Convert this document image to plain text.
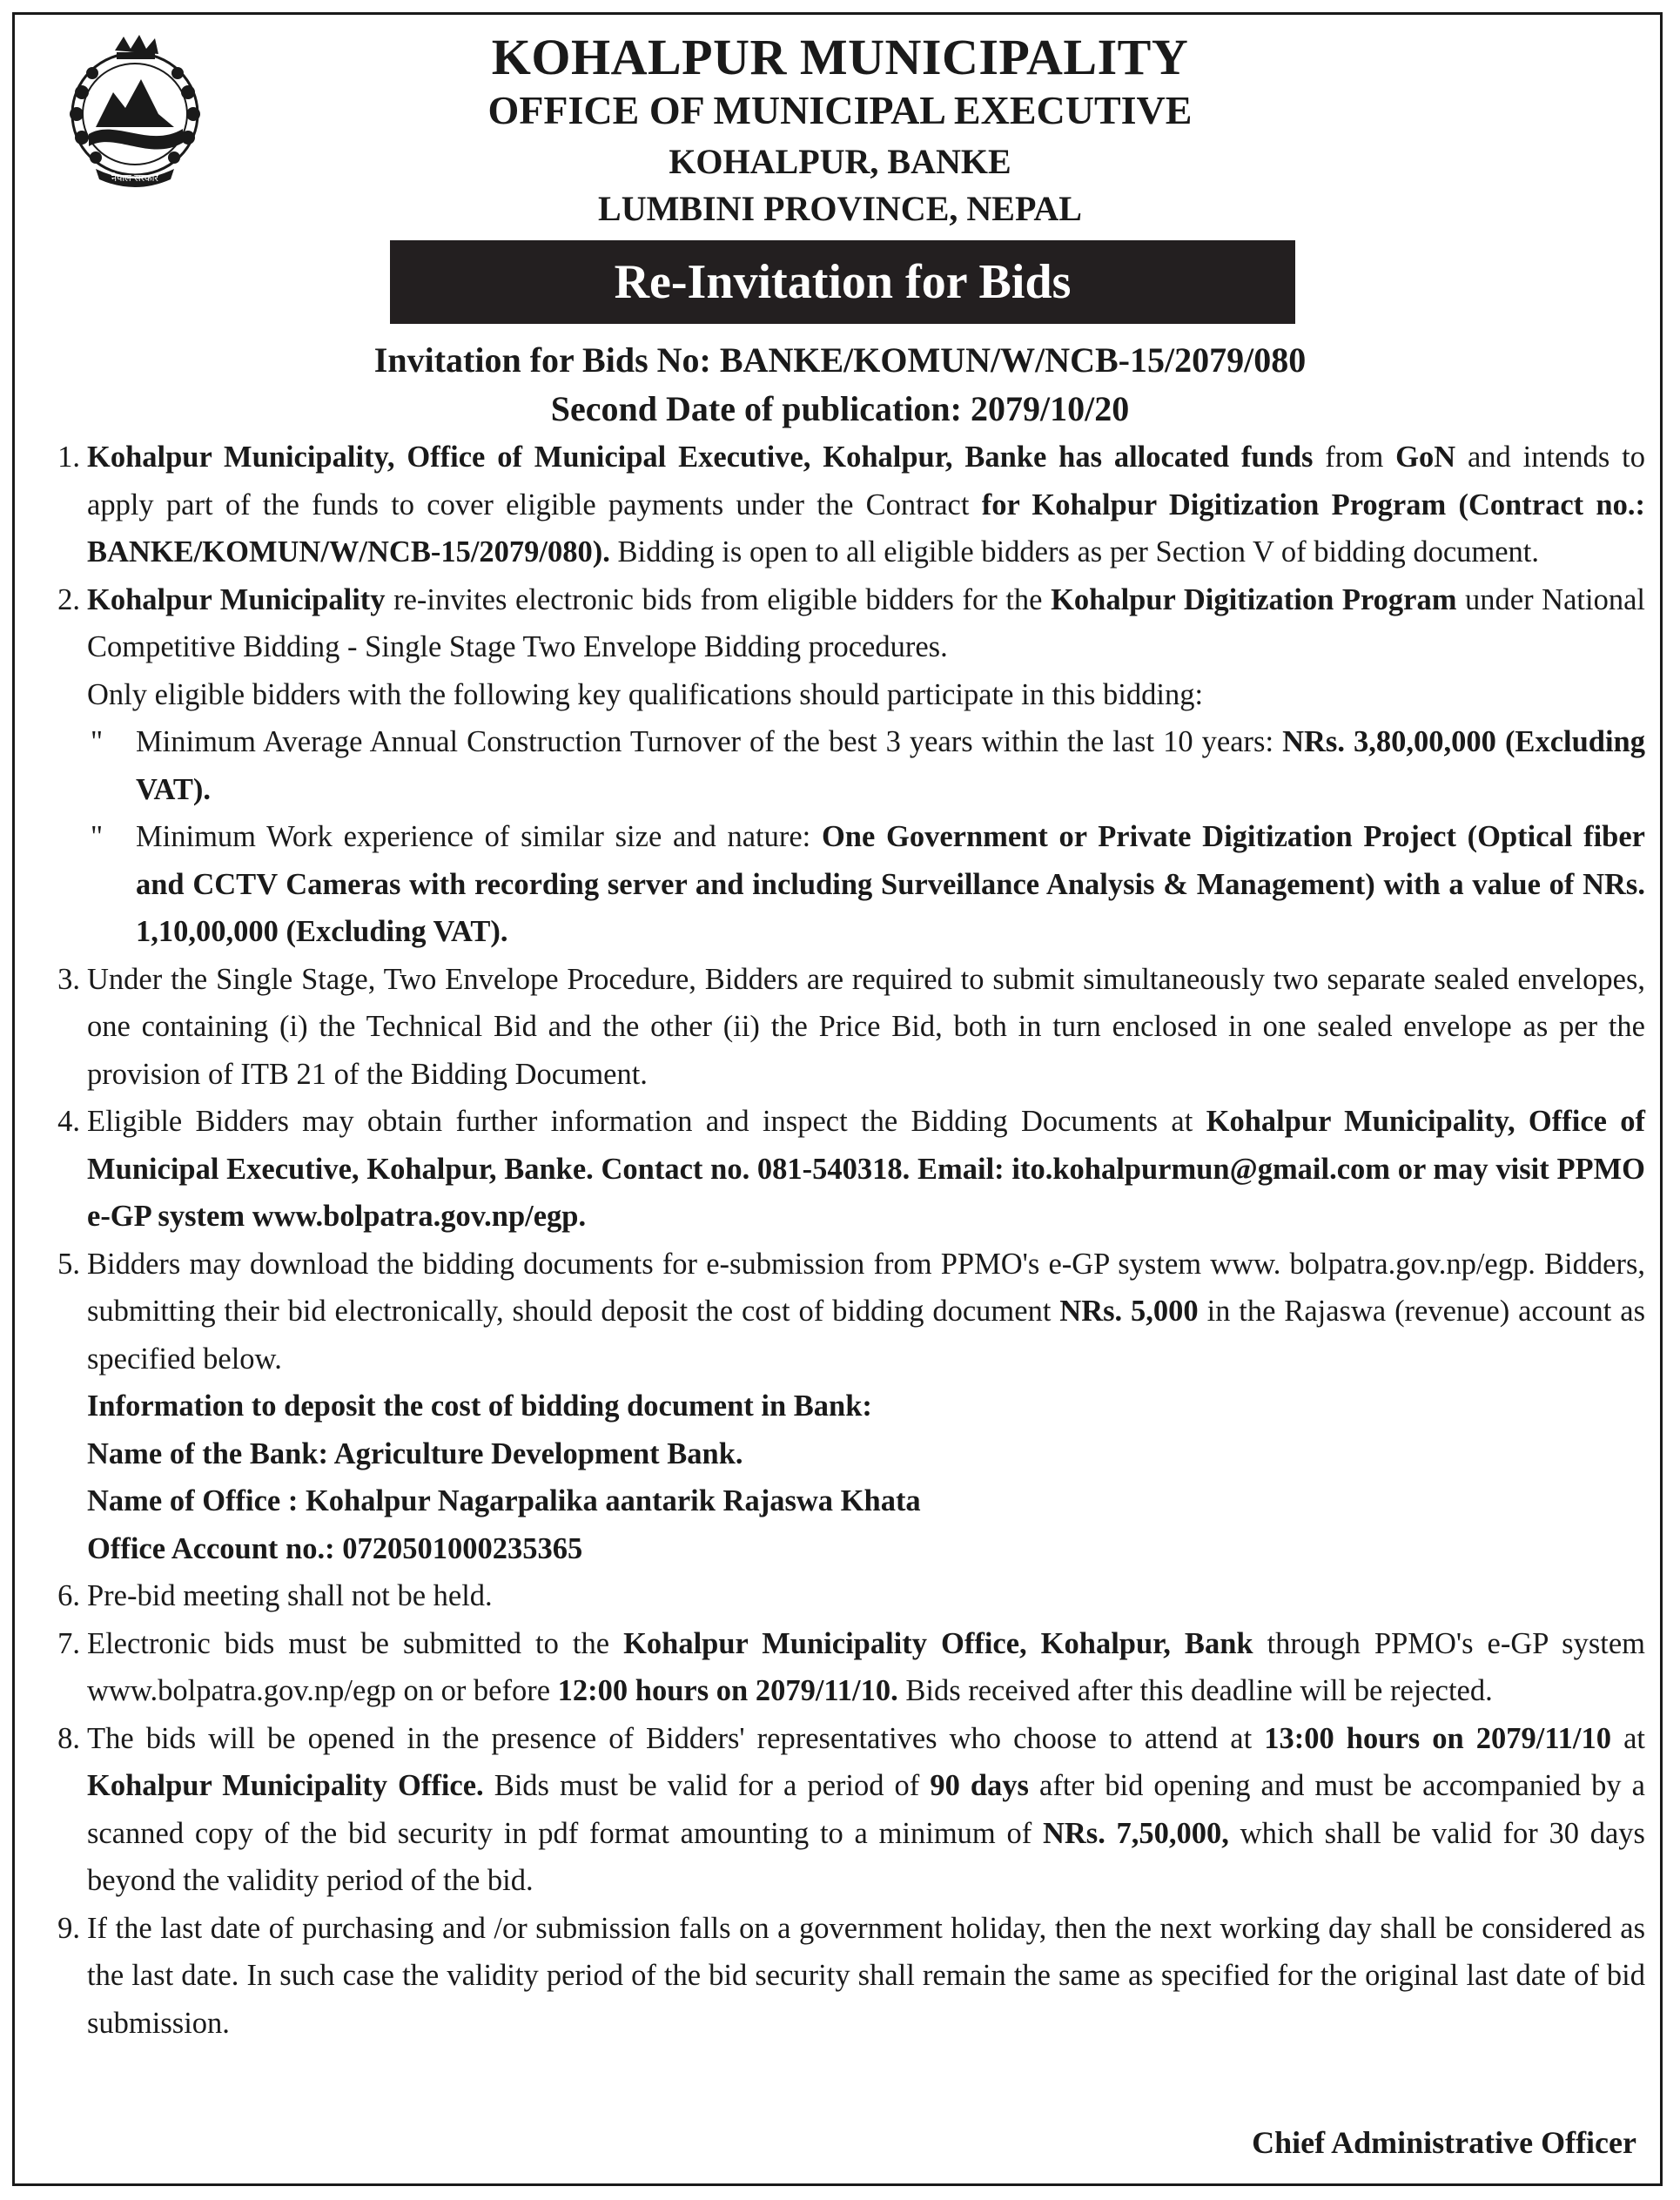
नेपाल सरकार
KOHALPUR MUNICIPALITY
OFFICE OF MUNICIPAL EXECUTIVE
KOHALPUR, BANKE
LUMBINI PROVINCE, NEPAL
Re-Invitation for Bids
Invitation for Bids No: BANKE/KOMUN/W/NCB-15/2079/080
Second Date of publication: 2079/10/20
1. Kohalpur Municipality, Office of Municipal Executive, Kohalpur, Banke has allocated funds from GoN and intends to apply part of the funds to cover eligible payments under the Contract for Kohalpur Digitization Program (Contract no.: BANKE/KOMUN/W/NCB-15/2079/080). Bidding is open to all eligible bidders as per Section V of bidding document.

2. Kohalpur Municipality re-invites electronic bids from eligible bidders for the Kohalpur Digitization Program under National Competitive Bidding - Single Stage Two Envelope Bidding procedures.

Only eligible bidders with the following key qualifications should participate in this bidding:

" Minimum Average Annual Construction Turnover of the best 3 years within the last 10 years: NRs. 3,80,00,000 (Excluding VAT).

" Minimum Work experience of similar size and nature: One Government or Private Digitization Project (Optical fiber and CCTV Cameras with recording server and including Surveillance Analysis & Management) with a value of NRs. 1,10,00,000 (Excluding VAT).

3. Under the Single Stage, Two Envelope Procedure, Bidders are required to submit simultaneously two separate sealed envelopes, one containing (i) the Technical Bid and the other (ii) the Price Bid, both in turn enclosed in one sealed envelope as per the provision of ITB 21 of the Bidding Document.

4. Eligible Bidders may obtain further information and inspect the Bidding Documents at Kohalpur Municipality, Office of Municipal Executive, Kohalpur, Banke. Contact no. 081-540318. Email: ito.kohalpurmun@gmail.com or may visit PPMO e-GP system www.bolpatra.gov.np/egp.

5. Bidders may download the bidding documents for e-submission from PPMO's e-GP system www. bolpatra.gov.np/egp. Bidders, submitting their bid electronically, should deposit the cost of bidding document NRs. 5,000 in the Rajaswa (revenue) account as specified below.

Information to deposit the cost of bidding document in Bank:

Name of the Bank: Agriculture Development Bank.

Name of Office : Kohalpur Nagarpalika aantarik Rajaswa Khata

Office Account no.: 0720501000235365

6. Pre-bid meeting shall not be held.

7. Electronic bids must be submitted to the Kohalpur Municipality Office, Kohalpur, Bank through PPMO's e-GP system www.bolpatra.gov.np/egp on or before 12:00 hours on 2079/11/10. Bids received after this deadline will be rejected.

8. The bids will be opened in the presence of Bidders' representatives who choose to attend at 13:00 hours on 2079/11/10 at Kohalpur Municipality Office. Bids must be valid for a period of 90 days after bid opening and must be accompanied by a scanned copy of the bid security in pdf format amounting to a minimum of NRs. 7,50,000, which shall be valid for 30 days beyond the validity period of the bid.

9. If the last date of purchasing and /or submission falls on a government holiday, then the next working day shall be considered as the last date. In such case the validity period of the bid security shall remain the same as specified for the original last date of bid submission.

Chief Administrative Officer
